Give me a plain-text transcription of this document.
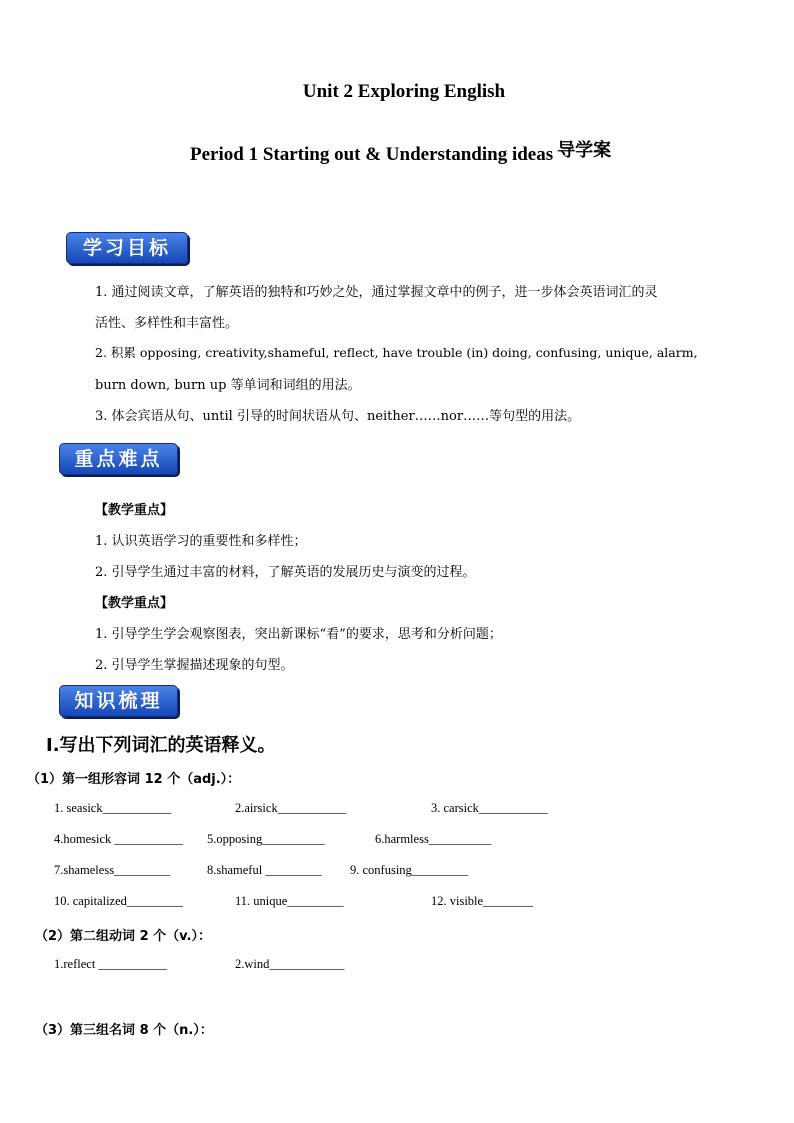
Unit 2 Exploring English
Period 1 Starting out & Understanding ideas 导学案
学习目标
1. 通过阅读文章，了解英语的独特和巧妙之处，通过掌握文章中的例子，进一步体会英语词汇的灵
活性、多样性和丰富性。
2. 积累 opposing, creativity,shameful, reflect, have trouble (in) doing, confusing, unique, alarm,
burn down, burn up 等单词和词组的用法。
3. 体会宾语从句、until 引导的时间状语从句、neither……nor……等句型的用法。
重点难点
【教学重点】
1. 认识英语学习的重要性和多样性；
2. 引导学生通过丰富的材料，了解英语的发展历史与演变的过程。
【教学重点】
1. 引导学生学会观察图表，突出新课标“看”的要求，思考和分析问题；
2. 引导学生掌握描述现象的句型。
知识梳理
I.写出下列词汇的英语释义。
（1）第一组形容词 12 个（adj.）：
1. seasick___________	2.airsick___________	3. carsick___________
4.homesick ___________ 5.opposing__________	6.harmless__________
7.shameless_________	8.shameful _________ 9. confusing_________
10. capitalized_________	11. unique_________	12. visible________
（2）第二组动词 2 个（v.）：
1.reflect ___________	2.wind____________
（3）第三组名词 8 个（n.）：
